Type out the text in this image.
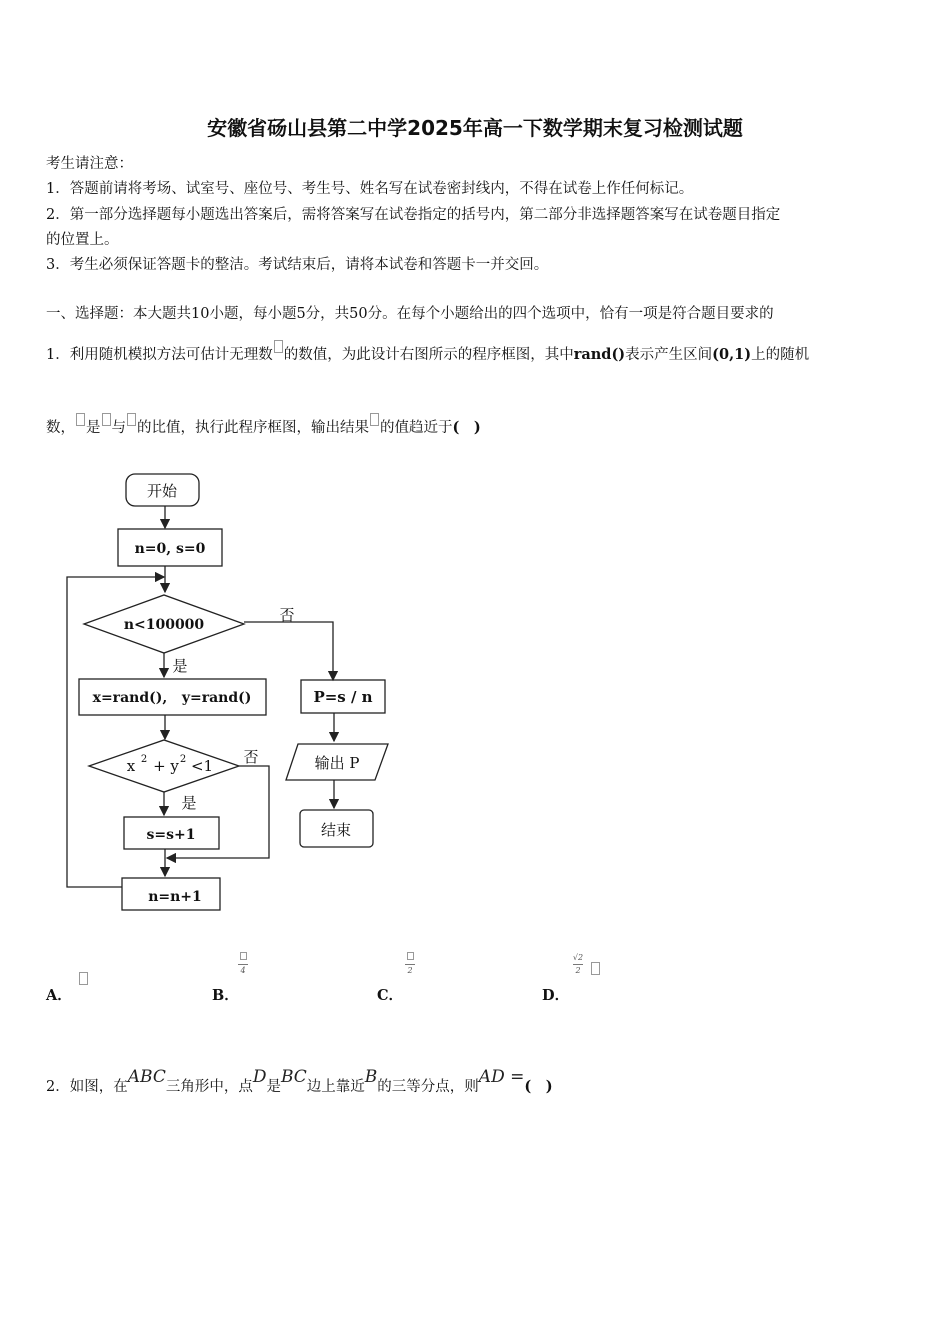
安徽省砀山县第二中学2025年高一下数学期末复习检测试题
考生请注意：
1．答题前请将考场、试室号、座位号、考生号、姓名写在试卷密封线内，不得在试卷上作任何标记。
2．第一部分选择题每小题选出答案后，需将答案写在试卷指定的括号内，第二部分非选择题答案写在试卷题目指定
的位置上。
3．考生必须保证答题卡的整洁。考试结束后，请将本试卷和答题卡一并交回。
一、选择题：本大题共10小题，每小题5分，共50分。在每个小题给出的四个选项中，恰有一项是符合题目要求的
1．利用随机模拟方法可估计无理数 的数值，为此设计右图所示的程序框图，其中rand()表示产生区间(0,1)上的随机
数， 是 与 的比值，执行此程序框图，输出结果 的值趋近于(　)
开始
n=0, s=0
n<100000
是
否
x=rand(),   y=rand()
x 2 + y 2 <1
是
否
s=s+1
n=n+1
P=s / n
输出 P
结束
A．	B．
4
C．
2
D．
√2
2
2．如图，在ABC三角形中，点D是BC边上靠近B的三等分点，则AD =(　)
